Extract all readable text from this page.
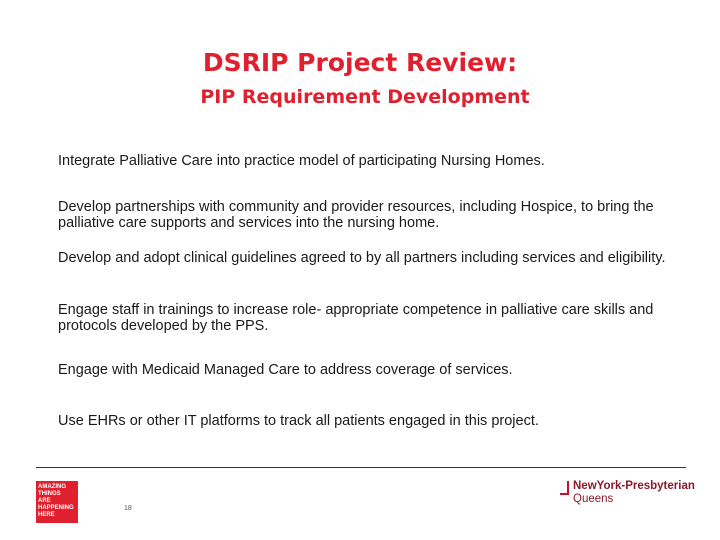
DSRIP Project Review:
PIP Requirement Development
Integrate Palliative Care into practice model of participating Nursing Homes.
Develop partnerships with community and provider resources, including Hospice, to bring the palliative care supports and services into the nursing home.
Develop and adopt clinical guidelines agreed to by all partners including services and eligibility.
Engage staff in trainings to increase role- appropriate competence in palliative care skills and protocols developed by the PPS.
Engage with Medicaid Managed Care to address coverage of services.
Use EHRs or other IT platforms to track all patients engaged in this project.
AMAZING
THINGS
ARE
HAPPENING
HERE
18
NewYork-Presbyterian
Queens
